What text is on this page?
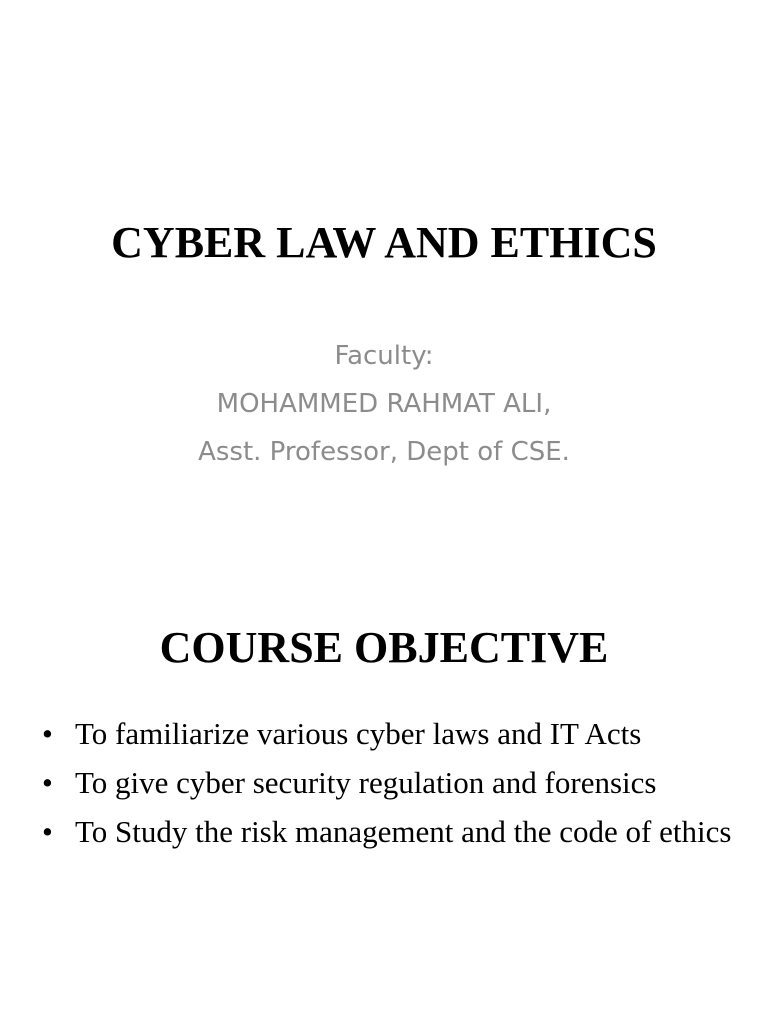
CYBER LAW AND ETHICS
Faculty:
MOHAMMED RAHMAT ALI,
Asst. Professor, Dept of CSE.
COURSE OBJECTIVE
• To familiarize various cyber laws and IT Acts
• To give cyber security regulation and forensics
• To Study the risk management and the code of ethics
